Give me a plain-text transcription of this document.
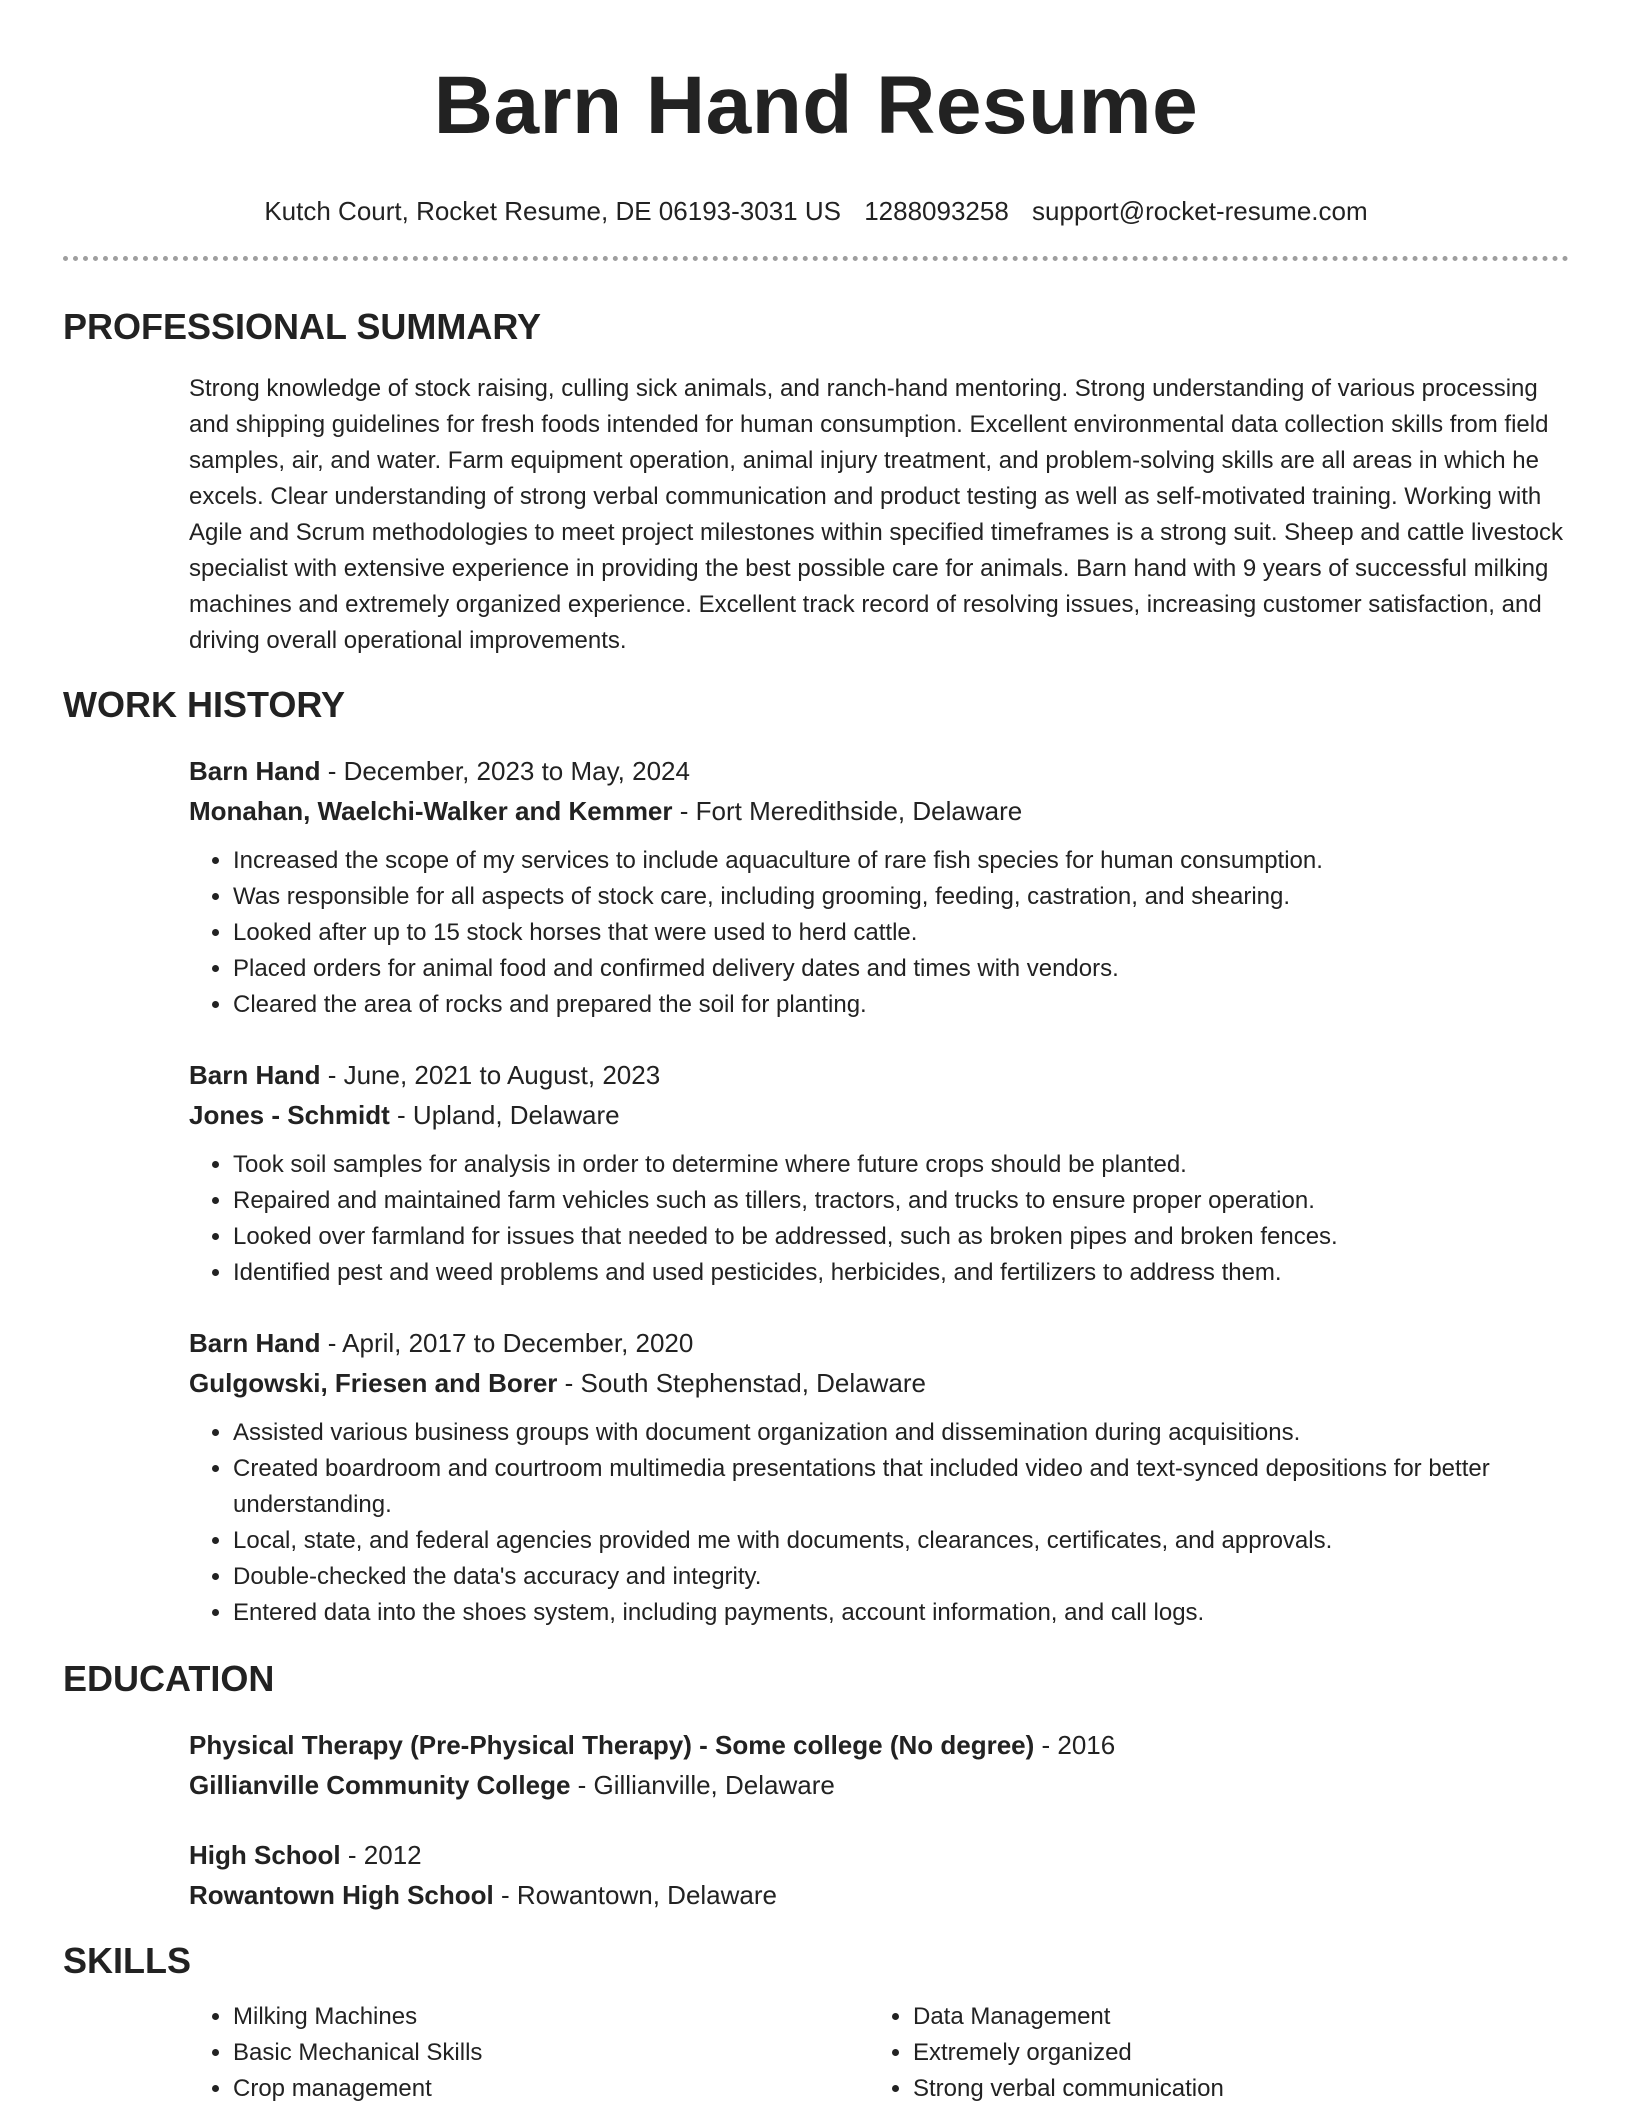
Barn Hand Resume
Kutch Court, Rocket Resume, DE 06193-3031 US 1288093258 support@rocket-resume.com
PROFESSIONAL SUMMARY
Strong knowledge of stock raising, culling sick animals, and ranch-hand mentoring. Strong understanding of various processing and shipping guidelines for fresh foods intended for human consumption. Excellent environmental data collection skills from field samples, air, and water. Farm equipment operation, animal injury treatment, and problem-solving skills are all areas in which he excels. Clear understanding of strong verbal communication and product testing as well as self-motivated training. Working with Agile and Scrum methodologies to meet project milestones within specified timeframes is a strong suit. Sheep and cattle livestock specialist with extensive experience in providing the best possible care for animals. Barn hand with 9 years of successful milking machines and extremely organized experience. Excellent track record of resolving issues, increasing customer satisfaction, and driving overall operational improvements.
WORK HISTORY
Barn Hand - December, 2023 to May, 2024
Monahan, Waelchi-Walker and Kemmer - Fort Meredithside, Delaware
• Increased the scope of my services to include aquaculture of rare fish species for human consumption.
• Was responsible for all aspects of stock care, including grooming, feeding, castration, and shearing.
• Looked after up to 15 stock horses that were used to herd cattle.
• Placed orders for animal food and confirmed delivery dates and times with vendors.
• Cleared the area of rocks and prepared the soil for planting.
Barn Hand - June, 2021 to August, 2023
Jones - Schmidt - Upland, Delaware
• Took soil samples for analysis in order to determine where future crops should be planted.
• Repaired and maintained farm vehicles such as tillers, tractors, and trucks to ensure proper operation.
• Looked over farmland for issues that needed to be addressed, such as broken pipes and broken fences.
• Identified pest and weed problems and used pesticides, herbicides, and fertilizers to address them.
Barn Hand - April, 2017 to December, 2020
Gulgowski, Friesen and Borer - South Stephenstad, Delaware
• Assisted various business groups with document organization and dissemination during acquisitions.
• Created boardroom and courtroom multimedia presentations that included video and text-synced depositions for better understanding.
• Local, state, and federal agencies provided me with documents, clearances, certificates, and approvals.
• Double-checked the data's accuracy and integrity.
• Entered data into the shoes system, including payments, account information, and call logs.
EDUCATION
Physical Therapy (Pre-Physical Therapy) - Some college (No degree) - 2016
Gillianville Community College - Gillianville, Delaware
High School - 2012
Rowantown High School - Rowantown, Delaware
SKILLS
• Milking Machines
• Basic Mechanical Skills
• Crop management
• Data Management
• Extremely organized
• Strong verbal communication
